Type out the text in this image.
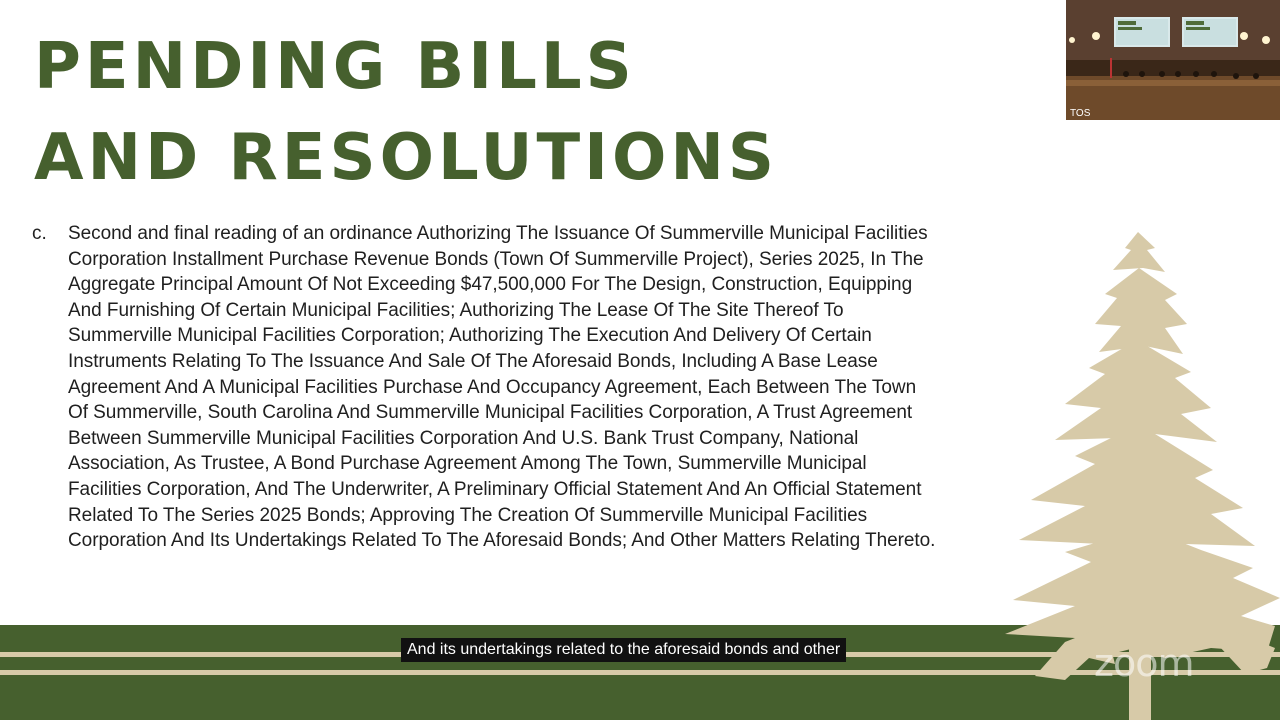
PENDING BILLS
AND RESOLUTIONS
c.	Second and final reading of an ordinance Authorizing The Issuance Of Summerville Municipal Facilities Corporation Installment Purchase Revenue Bonds (Town Of Summerville Project), Series 2025, In The Aggregate Principal Amount Of Not Exceeding $47,500,000 For The Design, Construction, Equipping And Furnishing Of Certain Municipal Facilities; Authorizing The Lease Of The Site Thereof To Summerville Municipal Facilities Corporation; Authorizing The Execution And Delivery Of Certain Instruments Relating To The Issuance And Sale Of The Aforesaid Bonds, Including A Base Lease Agreement And A Municipal Facilities Purchase And Occupancy Agreement, Each Between The Town Of Summerville, South Carolina And Summerville Municipal Facilities Corporation, A Trust Agreement Between Summerville Municipal Facilities Corporation And U.S. Bank Trust Company, National Association, As Trustee, A Bond Purchase Agreement Among The Town, Summerville Municipal Facilities Corporation, And The Underwriter, A Preliminary Official Statement And An Official Statement Related To The Series 2025 Bonds; Approving The Creation Of Summerville Municipal Facilities Corporation And Its Undertakings Related To The Aforesaid Bonds; And Other Matters Relating Thereto.
zoom
And its undertakings related to the aforesaid bonds and other
TOS
